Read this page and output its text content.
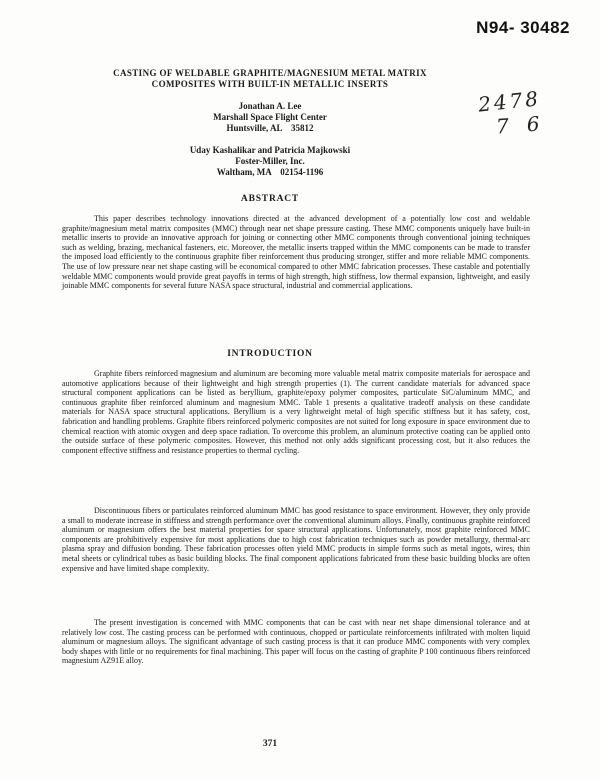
N94- 30482
2478
76
CASTING OF WELDABLE GRAPHITE/MAGNESIUM METAL MATRIX
COMPOSITES WITH BUILT-IN METALLIC INSERTS
Jonathan A. Lee
Marshall Space Flight Center
Huntsville, AL    35812
Uday Kashalikar and Patricia Majkowski
Foster-Miller, Inc.
Waltham, MA    02154-1196
ABSTRACT

This paper describes technology innovations directed at the advanced development of a potentially low cost and weldable graphite/magnesium metal matrix composites (MMC) through near net shape pressure casting. These MMC components uniquely have built-in metallic inserts to provide an innovative approach for joining or connecting other MMC components through conventional joining techniques such as welding, brazing, mechanical fasteners, etc. Moreover, the metallic inserts trapped within the MMC components can be made to transfer the imposed load efficiently to the continuous graphite fiber reinforcement thus producing stronger, stiffer and more reliable MMC components. The use of low pressure near net shape casting will be economical compared to other MMC fabrication processes. These castable and potentially weldable MMC components would provide great payoffs in terms of high strength, high stiffness, low thermal expansion, lightweight, and easily joinable MMC components for several future NASA space structural, industrial and commercial applications.

INTRODUCTION

Graphite fibers reinforced magnesium and aluminum are becoming more valuable metal matrix composite materials for aerospace and automotive applications because of their lightweight and high strength properties (1). The current candidate materials for advanced space structural component applications can be listed as beryllium, graphite/epoxy polymer composites, particulate SiC/aluminum MMC, and continuous graphite fiber reinforced aluminum and magnesium MMC. Table 1 presents a qualitative tradeoff analysis on these candidate materials for NASA space structural applications. Beryllium is a very lightweight metal of high specific stiffness but it has safety, cost, fabrication and handling problems. Graphite fibers reinforced polymeric composites are not suited for long exposure in space environment due to chemical reaction with atomic oxygen and deep space radiation. To overcome this problem, an aluminum protective coating can be applied onto the outside surface of these polymeric composites. However, this method not only adds significant processing cost, but it also reduces the component effective stiffness and resistance properties to thermal cycling.

Discontinuous fibers or particulates reinforced aluminum MMC has good resistance to space environment. However, they only provide a small to moderate increase in stiffness and strength performance over the conventional aluminum alloys. Finally, continuous graphite reinforced aluminum or magnesium offers the best material properties for space structural applications. Unfortunately, most graphite reinforced MMC components are prohibitively expensive for most applications due to high cost fabrication techniques such as powder metallurgy, thermal-arc plasma spray and diffusion bonding. These fabrication processes often yield MMC products in simple forms such as metal ingots, wires, thin metal sheets or cylindrical tubes as basic building blocks. The final component applications fabricated from these basic building blocks are often expensive and have limited shape complexity.

The present investigation is concerned with MMC components that can be cast with near net shape dimensional tolerance and at relatively low cost. The casting process can be performed with continuous, chopped or particulate reinforcements infiltrated with molten liquid aluminum or magnesium alloys. The significant advantage of such casting process is that it can produce MMC components with very complex body shapes with little or no requirements for final machining. This paper will focus on the casting of graphite P 100 continuous fibers reinforced magnesium AZ91E alloy.

371
